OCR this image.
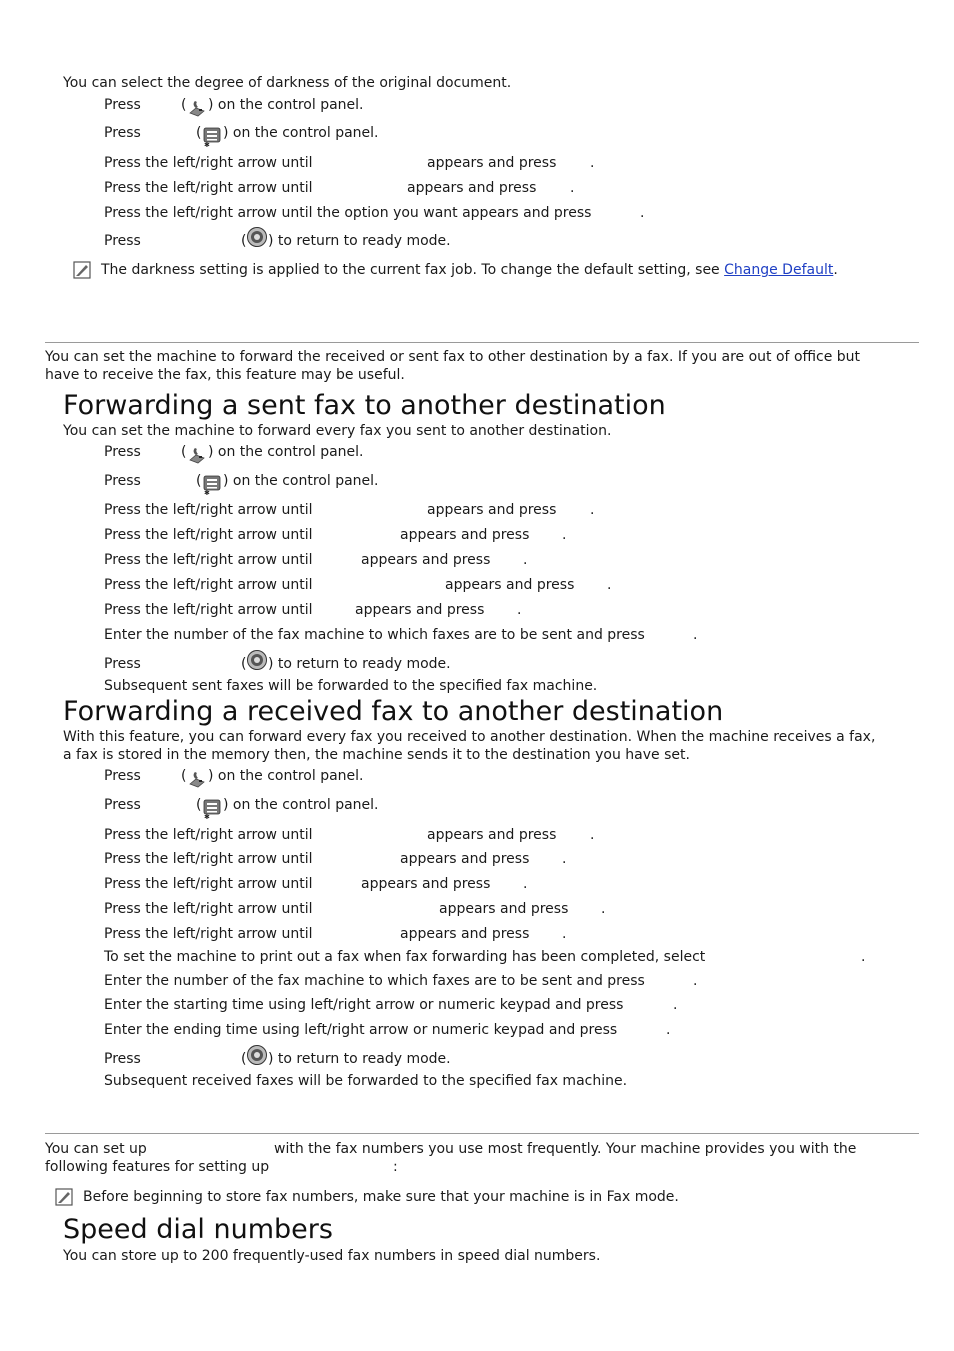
You can select the degree of darkness of the original document.
Press	( ) on the control panel.
Press	(
✱
) on the control panel.
Press the left/right arrow until	appears and press .
Press the left/right arrow until	appears and press .
Press the left/right arrow until the option you want appears and press	.
Press	( ) to return to ready mode.
The darkness setting is applied to the current fax job. To change the default setting, see Change Default.
You can set the machine to forward the received or sent fax to other destination by a fax. If you are out of office but
have to receive the fax, this feature may be useful.
Forwarding a sent fax to another destination
You can set the machine to forward every fax you sent to another destination.
Press	( ) on the control panel.
Press	(
✱
) on the control panel.
Press the left/right arrow until	appears and press .
Press the left/right arrow until	appears and press .
Press the left/right arrow until	appears and press .
Press the left/right arrow until	appears and press .
Press the left/right arrow until	appears and press .
Enter the number of the fax machine to which faxes are to be sent and press	.
Press	( ) to return to ready mode.
Subsequent sent faxes will be forwarded to the specified fax machine.
Forwarding a received fax to another destination
With this feature, you can forward every fax you received to another destination. When the machine receives a fax,
a fax is stored in the memory then, the machine sends it to the destination you have set.
Press	( ) on the control panel.
Press	(
✱
) on the control panel.
Press the left/right arrow until	appears and press .
Press the left/right arrow until	appears and press .
Press the left/right arrow until	appears and press .
Press the left/right arrow until	appears and press .
Press the left/right arrow until	appears and press .
To set the machine to print out a fax when fax forwarding has been completed, select	.
Enter the number of the fax machine to which faxes are to be sent and press	.
Enter the starting time using left/right arrow or numeric keypad and press	.
Enter the ending time using left/right arrow or numeric keypad and press	.
Press	( ) to return to ready mode.
Subsequent received faxes will be forwarded to the specified fax machine.
You can set up	with the fax numbers you use most frequently. Your machine provides you with the
following features for setting up	:
Before beginning to store fax numbers, make sure that your machine is in Fax mode.
Speed dial numbers
You can store up to 200 frequently-used fax numbers in speed dial numbers.
